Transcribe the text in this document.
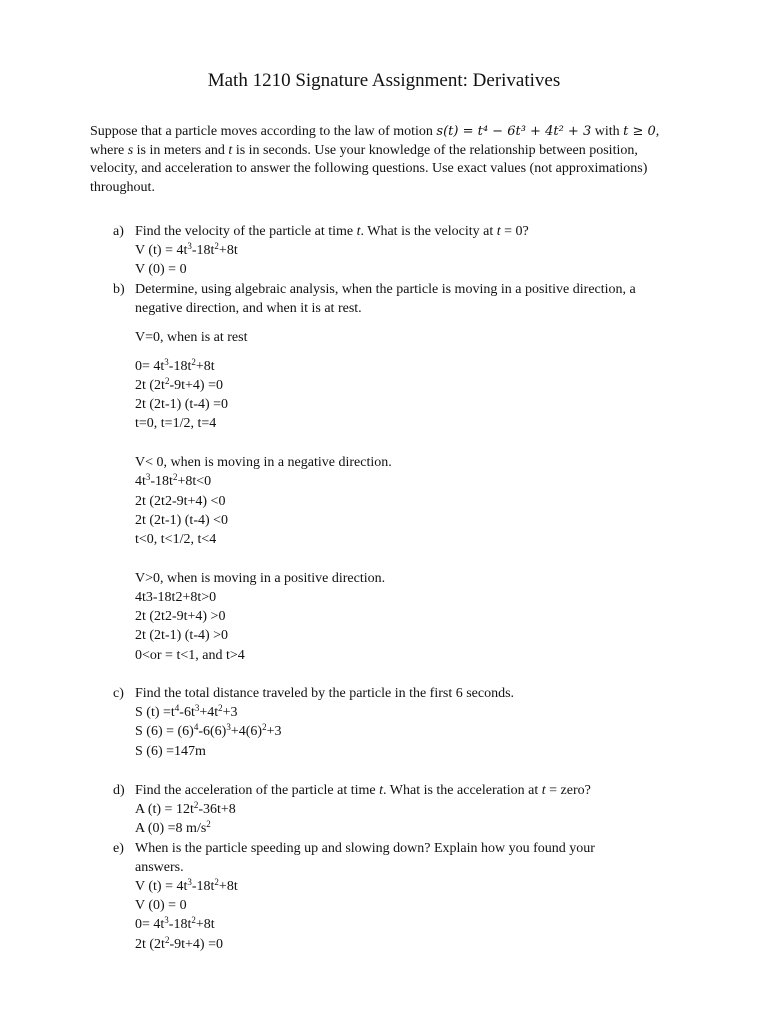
Math 1210 Signature Assignment: Derivatives
Suppose that a particle moves according to the law of motion s(t) = t⁴ − 6t³ + 4t² + 3 with t ≥ 0, where s is in meters and t is in seconds. Use your knowledge of the relationship between position, velocity, and acceleration to answer the following questions. Use exact values (not approximations) throughout.
a) Find the velocity of the particle at time t. What is the velocity at t = 0?
V $(t) = 4t^3-18t^2+8t$
V (0) = 0
b) Determine, using algebraic analysis, when the particle is moving in a positive direction, a
negative direction, and when it is at rest.
V=0, when is at rest
$0= 4t^3-18t^2+8t$
2t $(2t^2-9t+4) =0$
2t (2t-1) (t-4) =0
t=0, t=1/2, t=4
V< 0, when is moving in a negative direction.
$4t^3-18t^2+8t<0$
2t (2t2-9t+4) <0
2t (2t-1) (t-4) <0
t<0, t<1/2, t<4
V>0, when is moving in a positive direction.
4t3-18t2+8t>0
2t (2t2-9t+4) >0
2t (2t-1) (t-4) >0
0<or = t<1, and t>4
c) Find the total distance traveled by the particle in the first 6 seconds.
S $(t) =t^4-6t^3+4t^2+3$
S $(6) = (6)^4-6(6)^3+4(6)^2+3$
S (6) =147m
d) Find the acceleration of the particle at time t. What is the acceleration at t = zero?
A $(t) = 12t^2-36t+8$
A (0) =8 $m/s^2$
e) When is the particle speeding up and slowing down? Explain how you found your
answers.
V $(t) = 4t^3-18t^2+8t$
V (0) = 0
$0= 4t^3-18t^2+8t$
2t $(2t^2-9t+4) =0$
